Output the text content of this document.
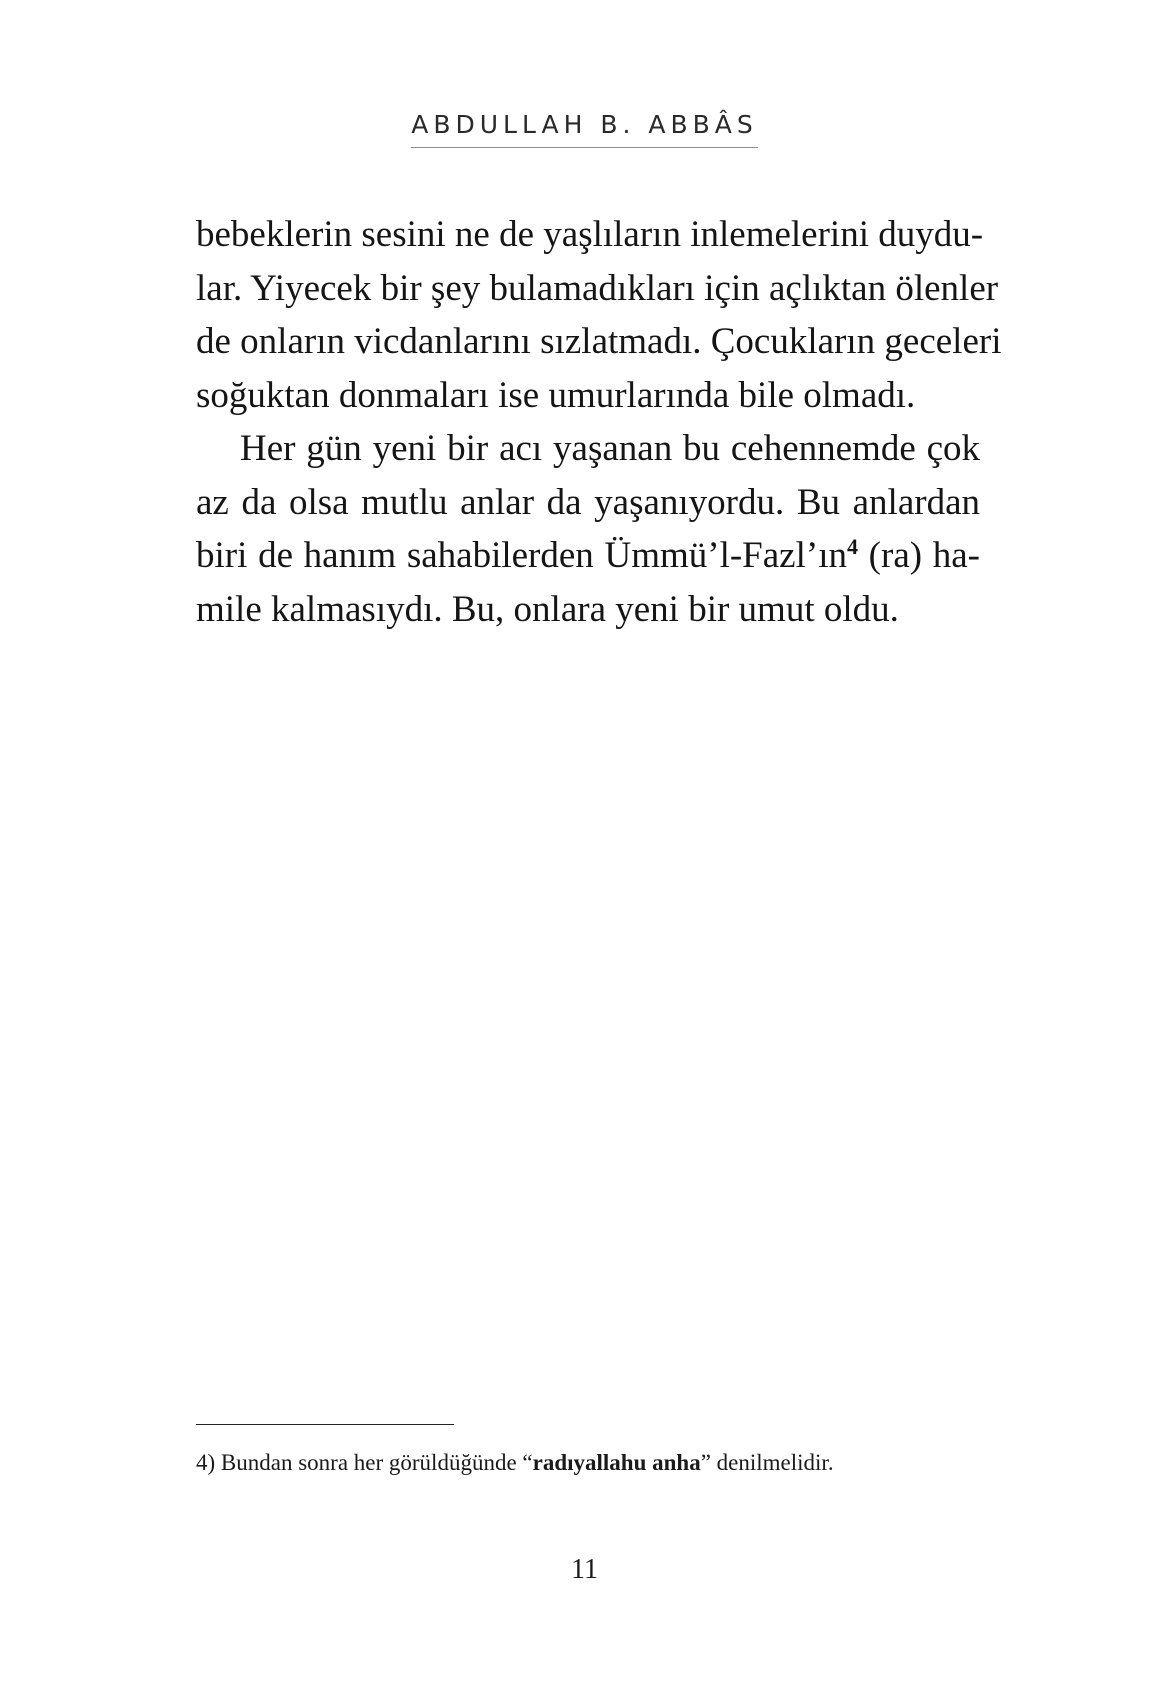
ABDULLAH B. ABBÂS
bebeklerin sesini ne de yaşlıların inlemelerini duydu-
lar. Yiyecek bir şey bulamadıkları için açlıktan ölenler
de onların vicdanlarını sızlatmadı. Çocukların geceleri
soğuktan donmaları ise umurlarında bile olmadı.
Her gün yeni bir acı yaşanan bu cehennemde çok
az da olsa mutlu anlar da yaşanıyordu. Bu anlardan
biri de hanım sahabilerden $Ümmü’l-Fazl’ın^4$ (ra) ha-
mile kalmasıydı. Bu, onlara yeni bir umut oldu.
4) Bundan sonra her görüldüğünde “radıyallahu anha” denilmelidir.
11
